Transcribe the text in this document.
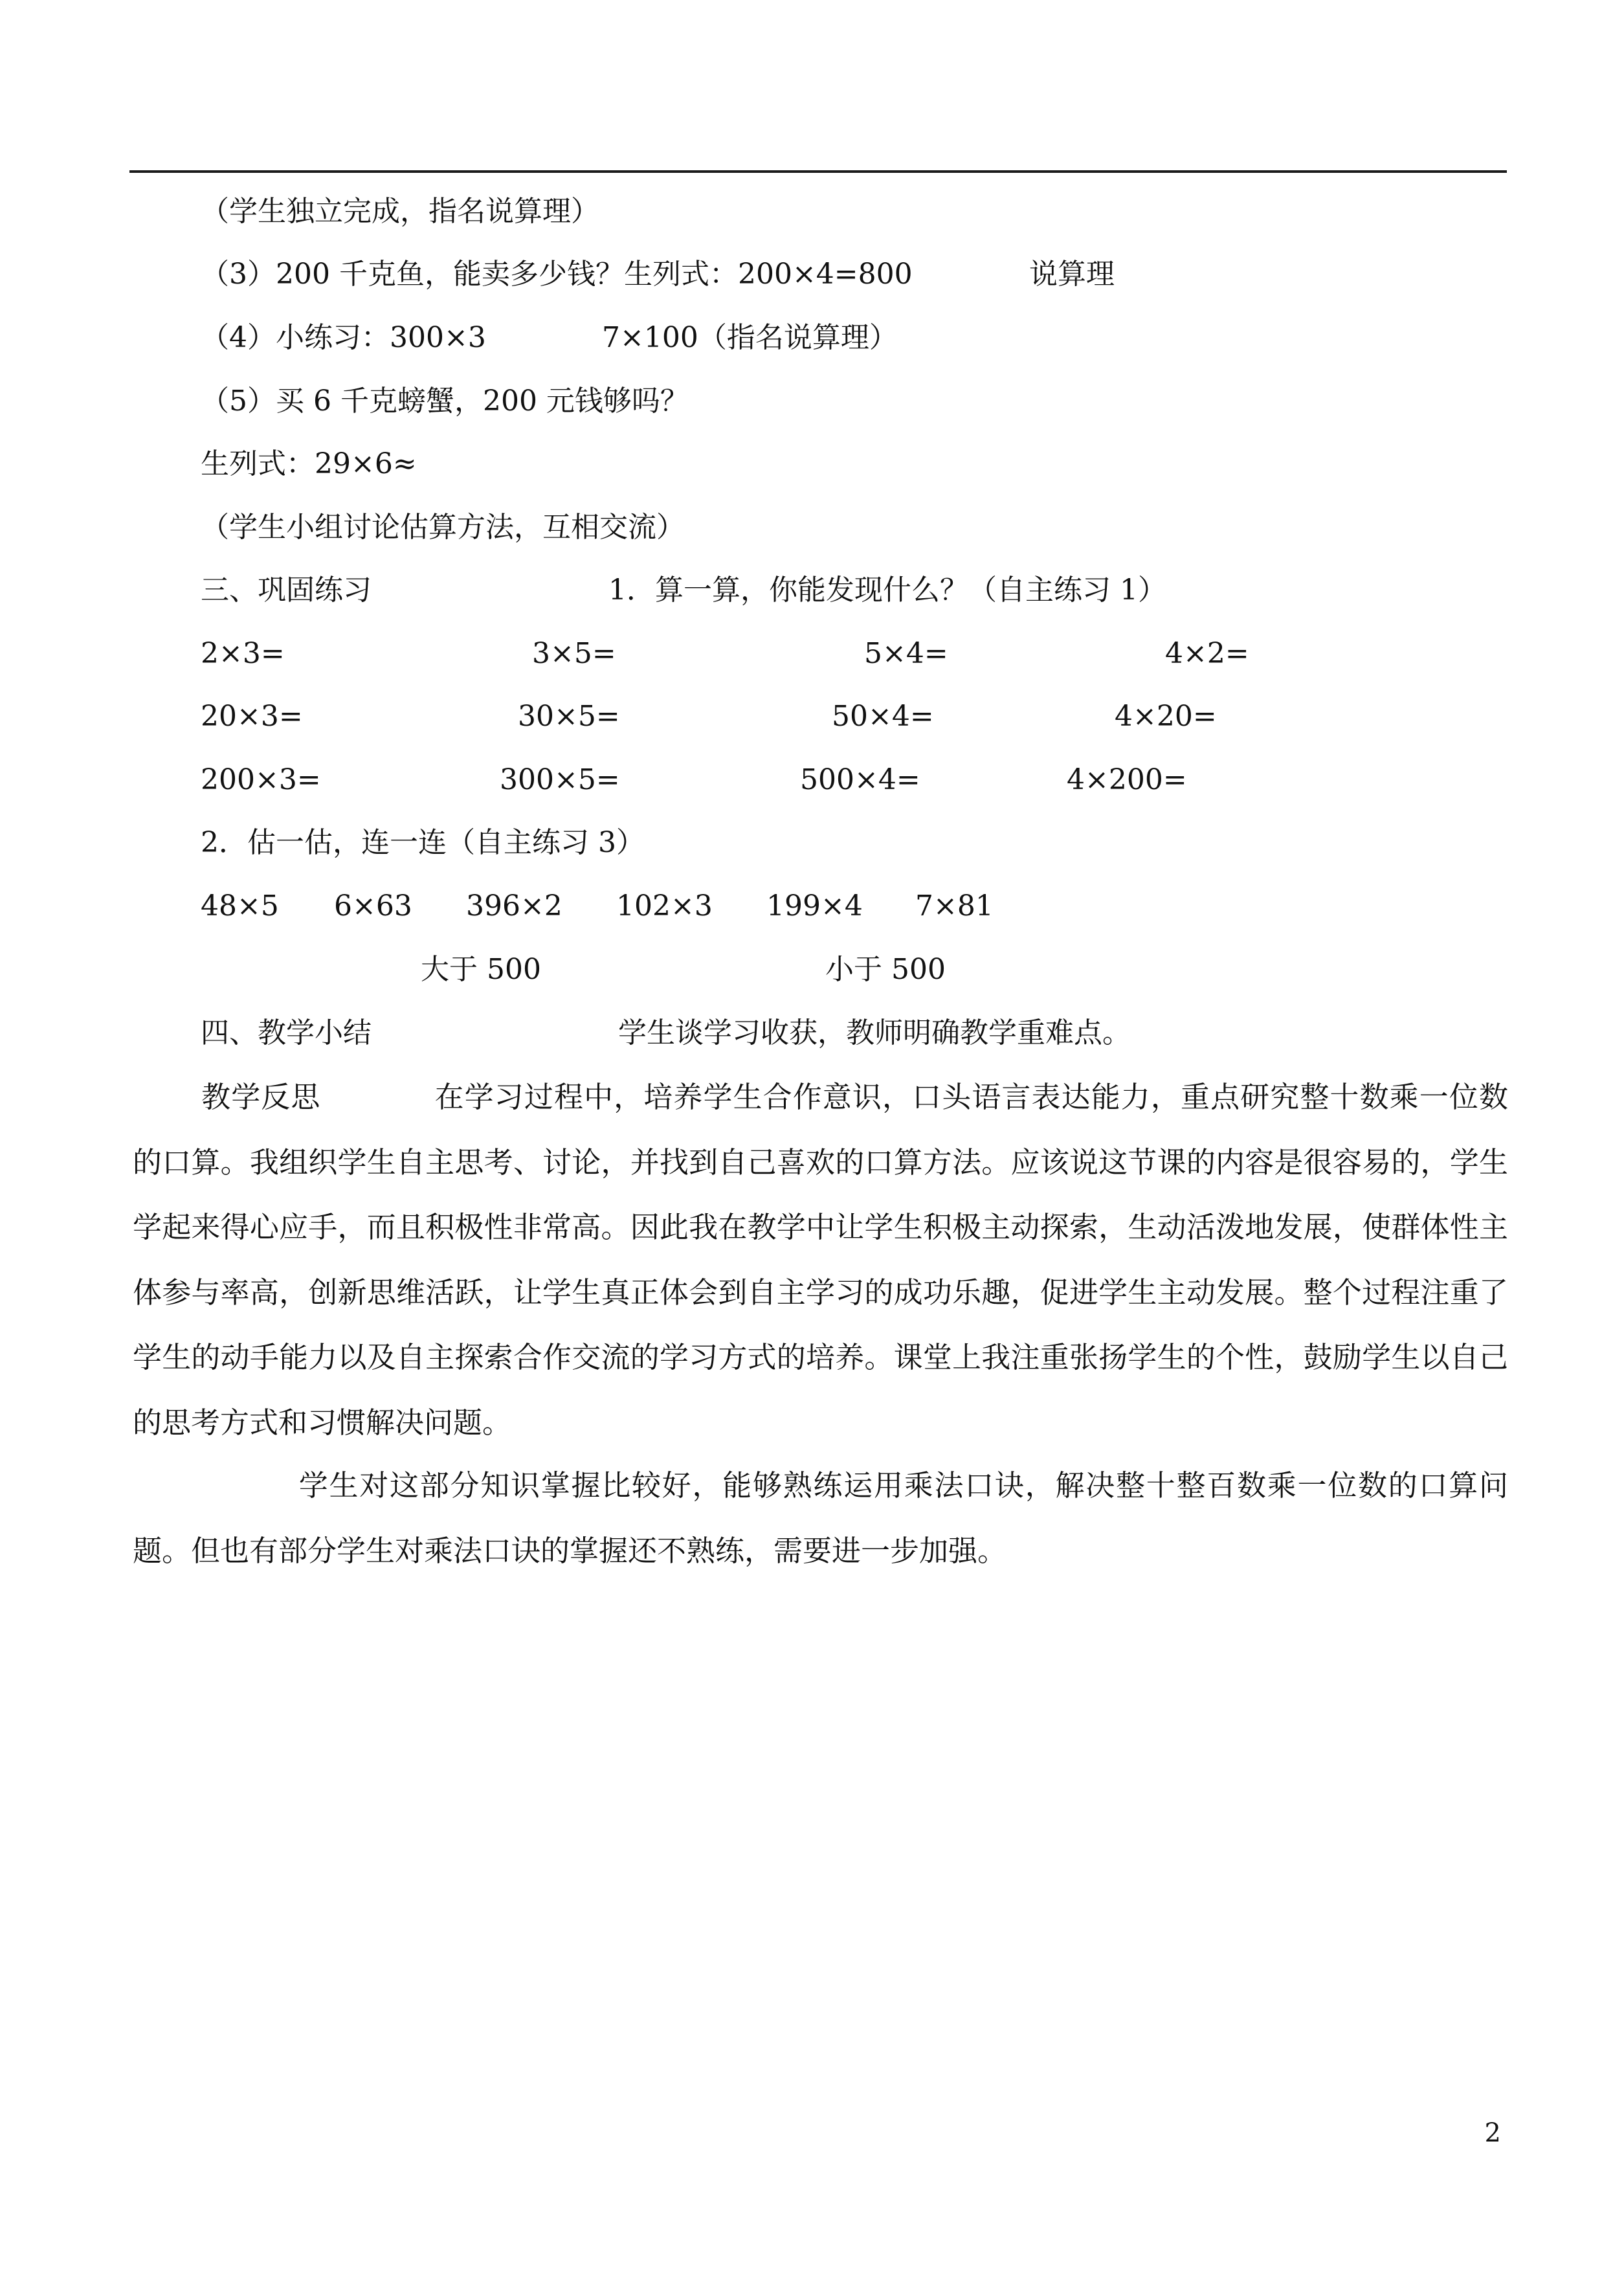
（学生独立完成，指名说算理）
（3）200 千克鱼，能卖多少钱？生列式：200×4=800	说算理
（4）小练习：300×3	7×100（指名说算理）
（5）买 6 千克螃蟹，200 元钱够吗？
生列式：29×6≈
（学生小组讨论估算方法，互相交流）
三、巩固练习	1．算一算，你能发现什么？（自主练习 1）
2×3=	3×5=	5×4=	4×2=
20×3=	30×5=	50×4=	4×20=
200×3=	300×5=	500×4=	4×200=
2．估一估，连一连（自主练习 3）
48×5 6×63 396×2 102×3 199×4 7×81
大于 500	小于 500
四、教学小结	学生谈学习收获，教师明确教学重难点。
教学反思	在学习过程中，培养学生合作意识，口头语言表达能力，重点研究整十数乘一位数的口算。我组织学生自主思考、讨论，并找到自己喜欢的口算方法。应该说这节课的内容是很容易的，学生学起来得心应手，而且积极性非常高。因此我在教学中让学生积极主动探索，生动活泼地发展，使群体性主体参与率高，创新思维活跃，让学生真正体会到自主学习的成功乐趣，促进学生主动发展。整个过程注重了学生的动手能力以及自主探索合作交流的学习方式的培养。课堂上我注重张扬学生的个性，鼓励学生以自己的思考方式和习惯解决问题。
学生对这部分知识掌握比较好，能够熟练运用乘法口诀，解决整十整百数乘一位数的口算问题。但也有部分学生对乘法口诀的掌握还不熟练，需要进一步加强。
2
